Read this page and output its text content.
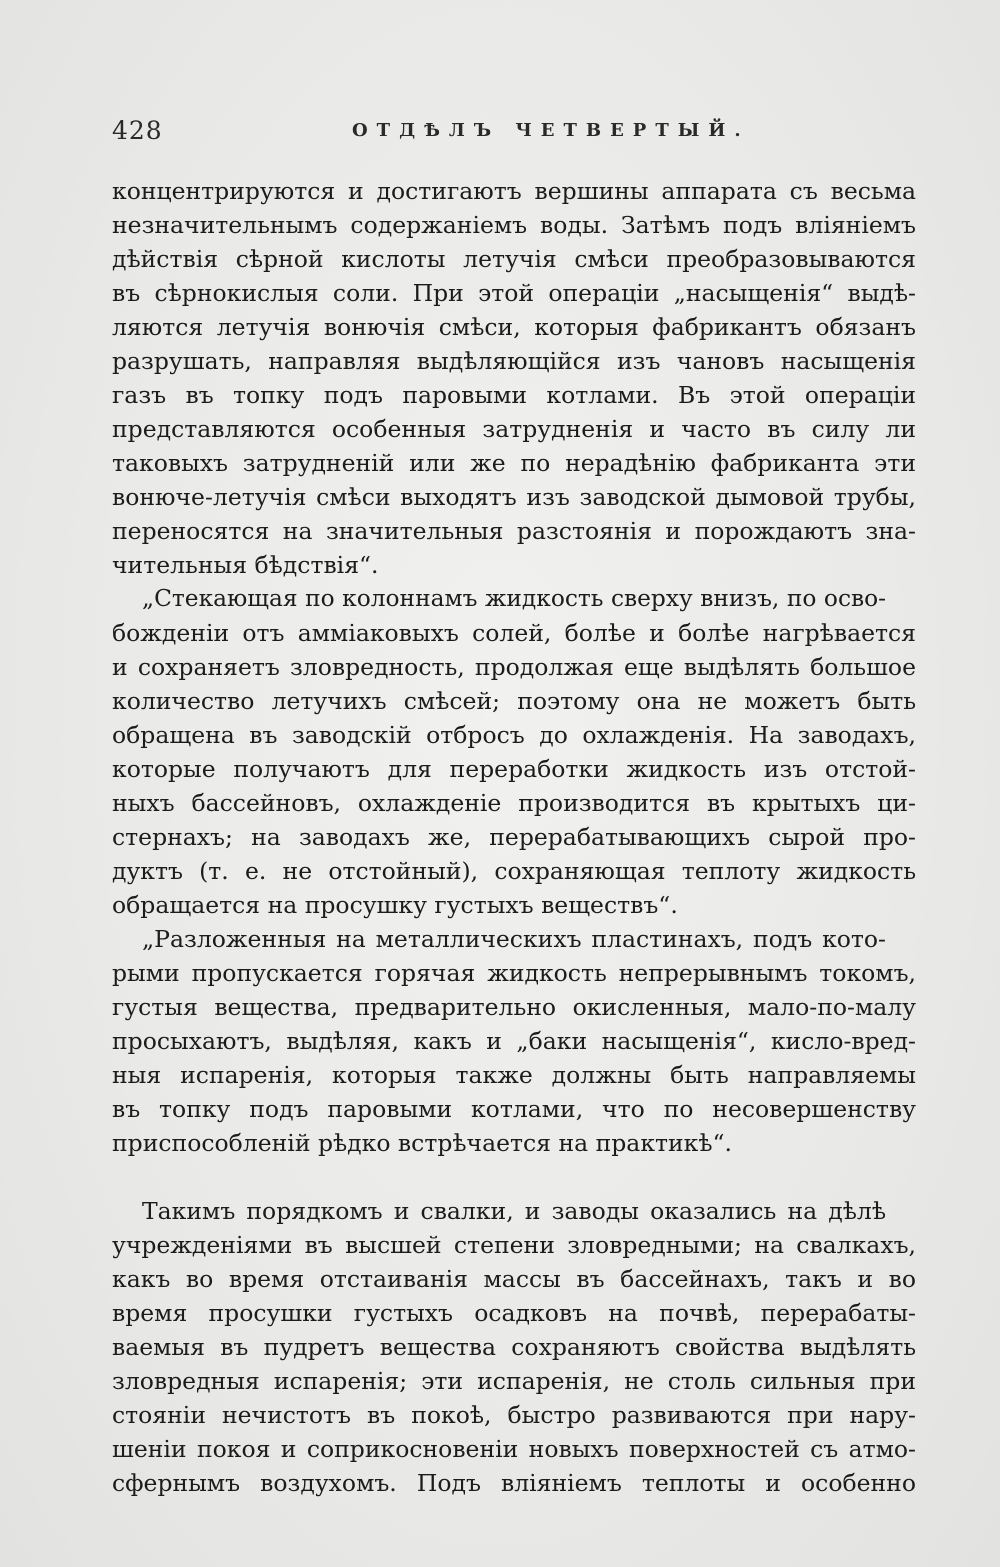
428	ОТДѢЛЪ ЧЕТВЕРТЫЙ.
концентрируются и достигаютъ вершины аппарата съ весьма
незначительнымъ содержаніемъ воды. Затѣмъ подъ вліяніемъ
дѣйствія сѣрной кислоты летучія смѣси преобразовываются
въ сѣрнокислыя соли. При этой операціи „насыщенія“ выдѣ-
ляются летучія вонючія смѣси, которыя фабрикантъ обязанъ
разрушать, направляя выдѣляющійся изъ чановъ насыщенія
газъ въ топку подъ паровыми котлами. Въ этой операціи
представляются особенныя затрудненія и часто въ силу ли
таковыхъ затрудненій или же по нерадѣнію фабриканта эти
вонюче-летучія смѣси выходятъ изъ заводской дымовой трубы,
переносятся на значительныя разстоянія и порождаютъ зна-
чительныя бѣдствія“.
„Стекающая по колоннамъ жидкость сверху внизъ, по осво-
божденіи отъ амміаковыхъ солей, болѣе и болѣе нагрѣвается
и сохраняетъ зловредность, продолжая еще выдѣлять большое
количество летучихъ смѣсей; поэтому она не можетъ быть
обращена въ заводскій отбросъ до охлажденія. На заводахъ,
которые получаютъ для переработки жидкость изъ отстой-
ныхъ бассейновъ, охлажденіе производится въ крытыхъ ци-
стернахъ; на заводахъ же, перерабатывающихъ сырой про-
дуктъ (т. е. не отстойный), сохраняющая теплоту жидкость
обращается на просушку густыхъ веществъ“.
„Разложенныя на металлическихъ пластинахъ, подъ кото-
рыми пропускается горячая жидкость непрерывнымъ токомъ,
густыя вещества, предварительно окисленныя, мало-по-малу
просыхаютъ, выдѣляя, какъ и „баки насыщенія“, кисло-вред-
ныя испаренія, которыя также должны быть направляемы
въ топку подъ паровыми котлами, что по несовершенству
приспособленій рѣдко встрѣчается на практикѣ“.
Такимъ порядкомъ и свалки, и заводы оказались на дѣлѣ
учрежденіями въ высшей степени зловредными; на свалкахъ,
какъ во время отстаиванія массы въ бассейнахъ, такъ и во
время просушки густыхъ осадковъ на почвѣ, перерабаты-
ваемыя въ пудретъ вещества сохраняютъ свойства выдѣлять
зловредныя испаренія; эти испаренія, не столь сильныя при
стояніи нечистотъ въ покоѣ, быстро развиваются при нару-
шеніи покоя и соприкосновеніи новыхъ поверхностей съ атмо-
сфернымъ воздухомъ. Подъ вліяніемъ теплоты и особенно
